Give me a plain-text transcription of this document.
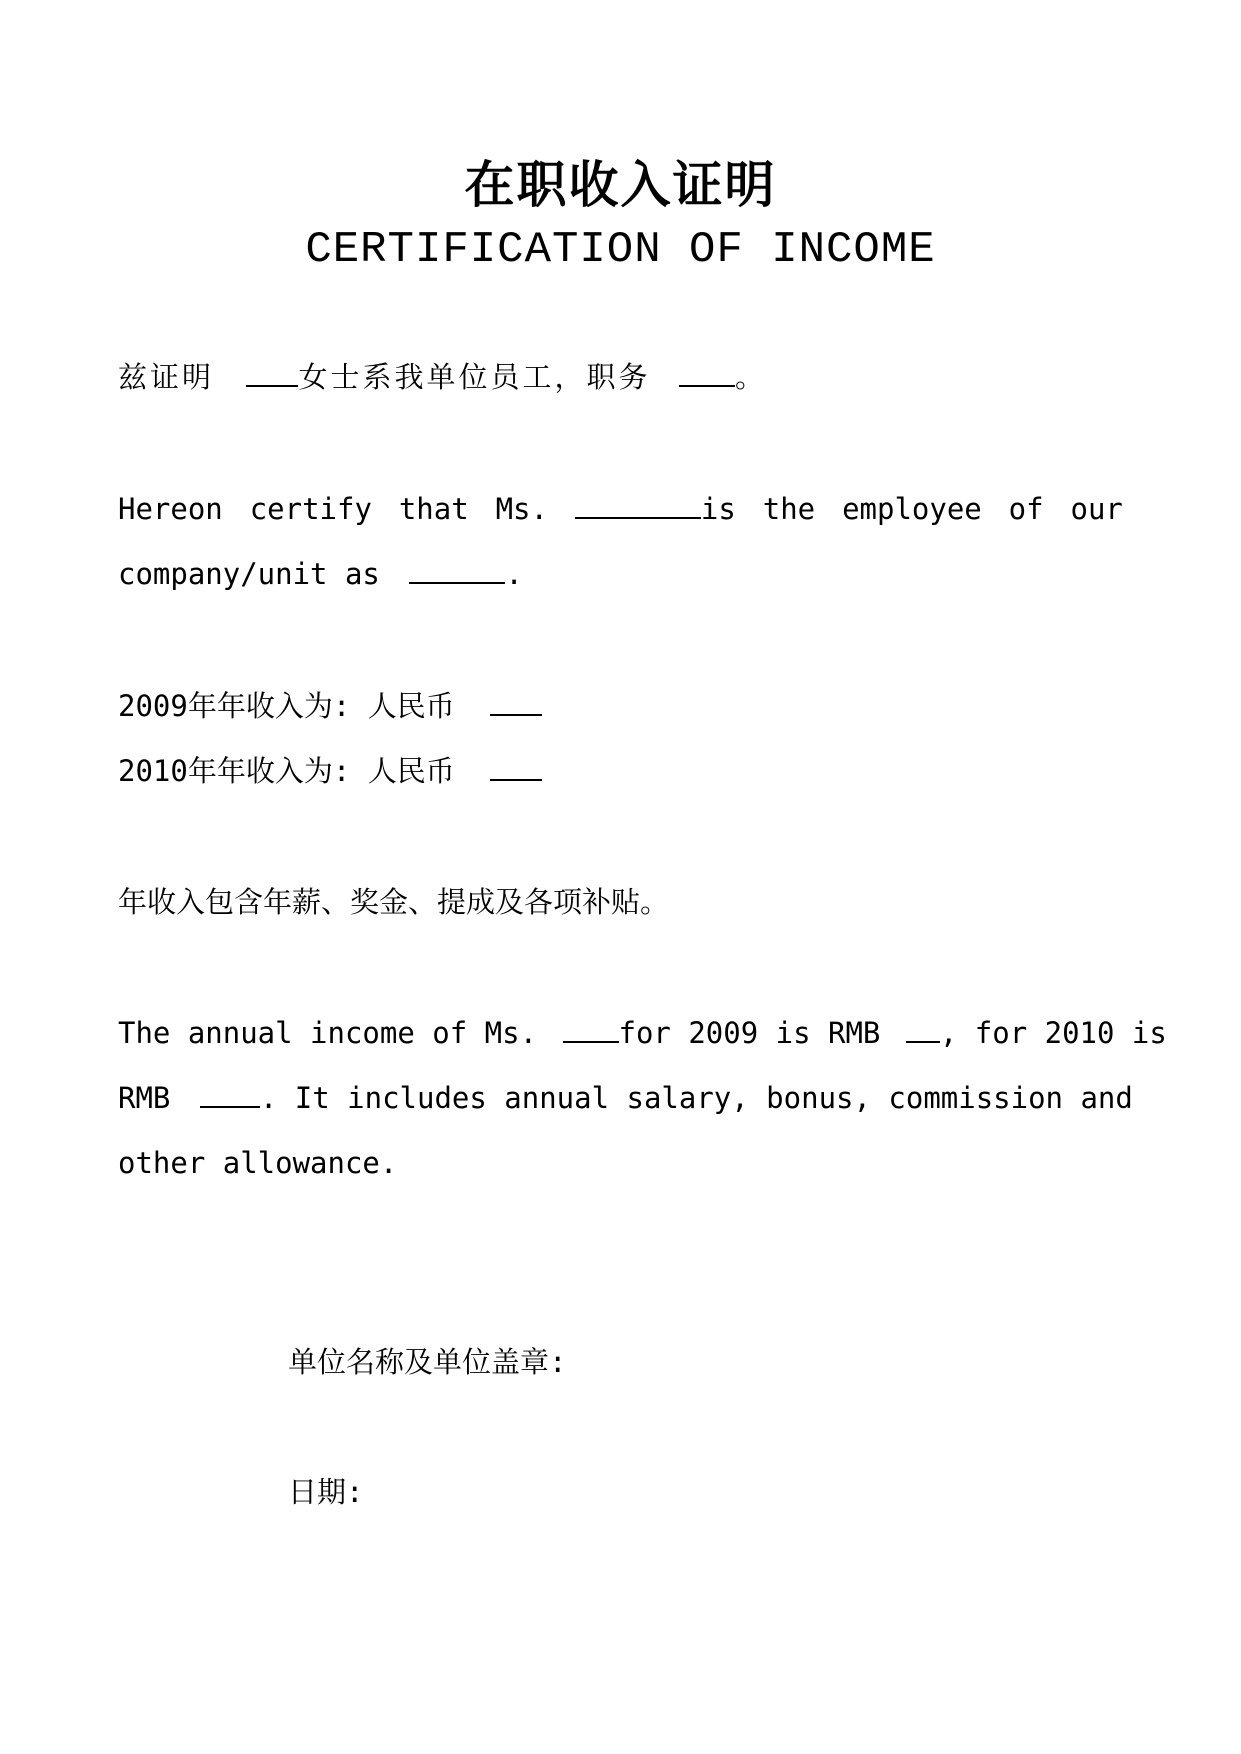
在职收入证明
CERTIFICATION OF INCOME
兹证明	女士系我单位员工，职务	。
Hereon certify that Ms.	is the employee of our
company/unit as	.
2009年年收入为: 人民币
2010年年收入为: 人民币
年收入包含年薪、奖金、提成及各项补贴。
The annual income of Ms.	for 2009 is RMB , for 2010 is
RMB	. It includes annual salary, bonus, commission and
other allowance.
单位名称及单位盖章:
日期:
